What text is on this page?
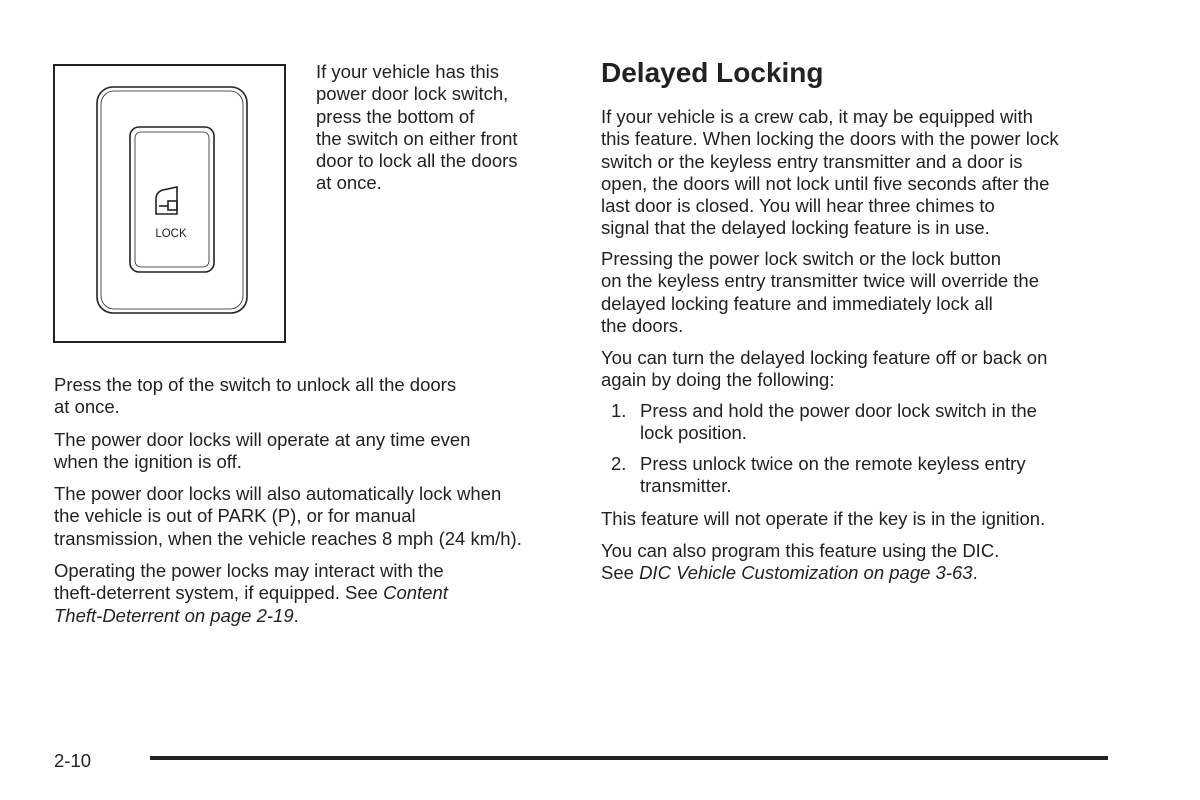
LOCK

If your vehicle has this
power door lock switch,
press the bottom of
the switch on either front
door to lock all the doors
at once.

Press the top of the switch to unlock all the doors
at once.

The power door locks will operate at any time even
when the ignition is off.

The power door locks will also automatically lock when
the vehicle is out of PARK (P), or for manual
transmission, when the vehicle reaches 8 mph (24 km/h).

Operating the power locks may interact with the
theft-deterrent system, if equipped. See Content
Theft-Deterrent on page 2-19.

Delayed Locking

If your vehicle is a crew cab, it may be equipped with
this feature. When locking the doors with the power lock
switch or the keyless entry transmitter and a door is
open, the doors will not lock until five seconds after the
last door is closed. You will hear three chimes to
signal that the delayed locking feature is in use.

Pressing the power lock switch or the lock button
on the keyless entry transmitter twice will override the
delayed locking feature and immediately lock all
the doors.

You can turn the delayed locking feature off or back on
again by doing the following:

1. Press and hold the power door lock switch in the
lock position.

2. Press unlock twice on the remote keyless entry
transmitter.

This feature will not operate if the key is in the ignition.

You can also program this feature using the DIC.
See DIC Vehicle Customization on page 3-63.

2-10
